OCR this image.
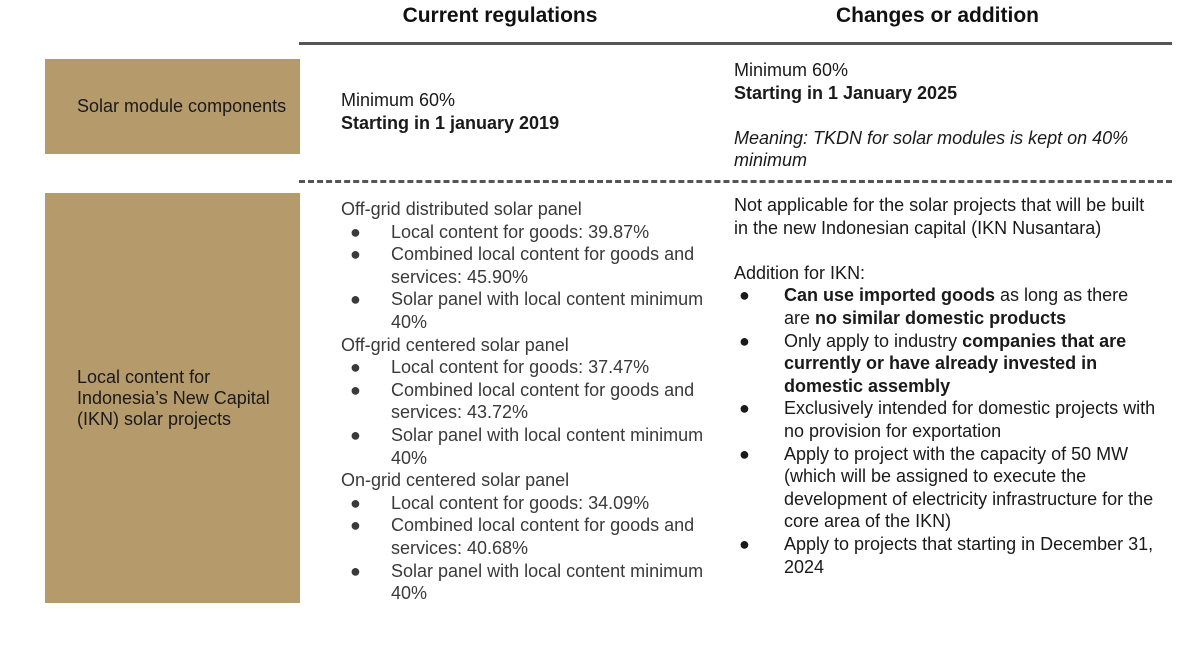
Current regulations	Changes or addition
Solar module components	Minimum 60%
Starting in 1 january 2019
Minimum 60%
Starting in 1 January 2025
Meaning: TKDN for solar modules is kept on 40% minimum
Local content for Indonesia’s New Capital (IKN) solar projects
Off-grid distributed solar panel
● Local content for goods: 39.87%
● Combined local content for goods and services: 45.90%
● Solar panel with local content minimum 40%
Off-grid centered solar panel
● Local content for goods: 37.47%
● Combined local content for goods and services: 43.72%
● Solar panel with local content minimum 40%
On-grid centered solar panel
● Local content for goods: 34.09%
● Combined local content for goods and services: 40.68%
● Solar panel with local content minimum 40%
Not applicable for the solar projects that will be built in the new Indonesian capital (IKN Nusantara)
Addition for IKN:
● Can use imported goods as long as there are no similar domestic products
● Only apply to industry companies that are currently or have already invested in domestic assembly
● Exclusively intended for domestic projects with no provision for exportation
● Apply to project with the capacity of 50 MW (which will be assigned to execute the development of electricity infrastructure for the core area of the IKN)
● Apply to projects that starting in December 31, 2024
